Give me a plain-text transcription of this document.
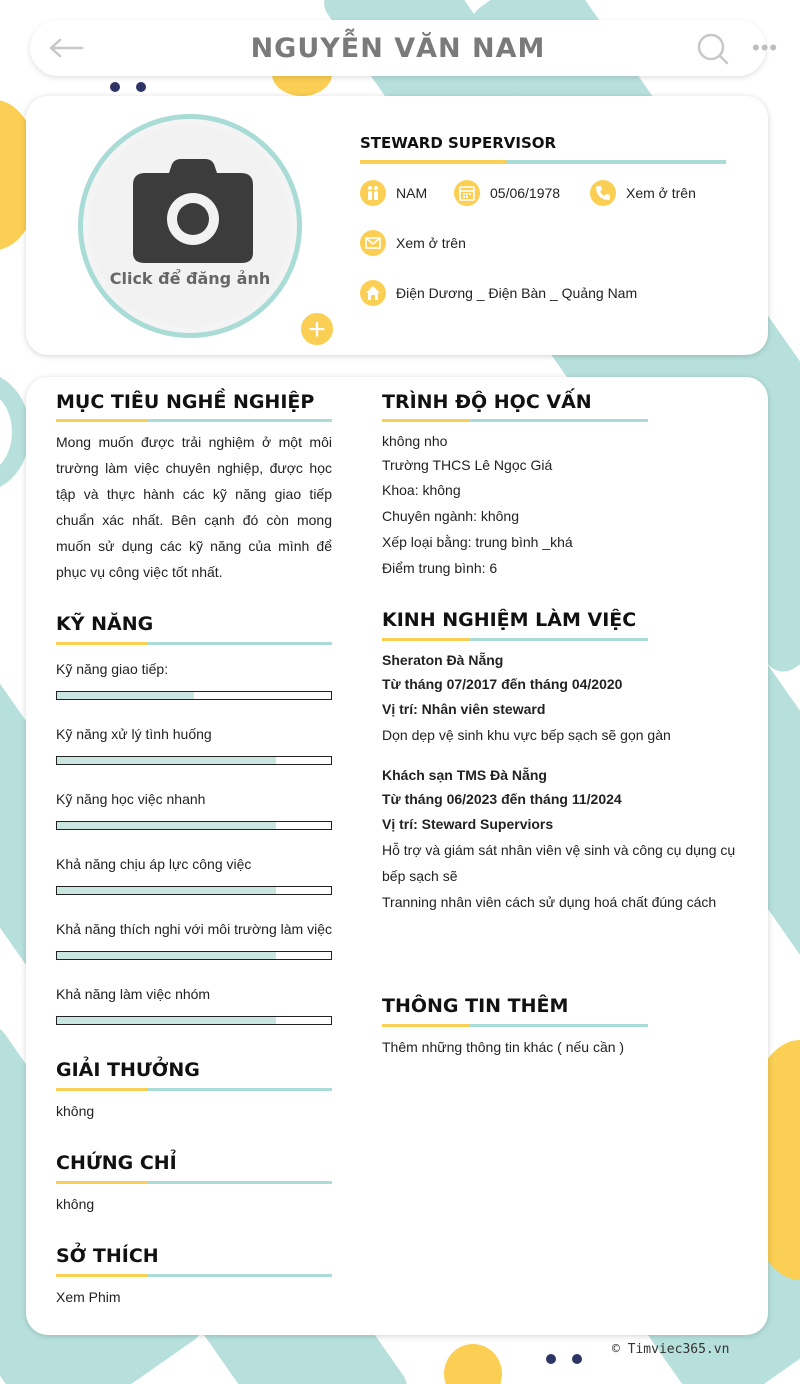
NGUYỄN VĂN NAM	•••
Click để đăng ảnh
+
STEWARD SUPERVISOR
NAM	05/06/1978	Xem ở trên
Xem ở trên
Điện Dương _ Điện Bàn _ Quảng Nam
MỤC TIÊU NGHỀ NGHIỆP
Mong muốn được trải nghiệm ở một môi trường làm việc chuyên nghiệp, được học tập và thực hành các kỹ năng giao tiếp chuẩn xác nhất. Bên cạnh đó còn mong muốn sử dụng các kỹ năng của mình để phục vụ công việc tốt nhất.
KỸ NĂNG
Kỹ năng giao tiếp:
Kỹ năng xử lý tình huống
Kỹ năng học việc nhanh
Khả năng chịu áp lực công việc
Khả năng thích nghi với môi trường làm việc
Khả năng làm việc nhóm
GIẢI THƯỞNG
không
CHỨNG CHỈ
không
SỞ THÍCH
Xem Phim
TRÌNH ĐỘ HỌC VẤN
không nho
Trường THCS Lê Ngọc Giá
Khoa: không
Chuyên ngành: không
Xếp loại bằng: trung bình _khá
Điểm trung bình: 6
KINH NGHIỆM LÀM VIỆC
Sheraton Đà Nẵng
Từ tháng 07/2017 đến tháng 04/2020
Vị trí: Nhân viên steward
Dọn dẹp vệ sinh khu vực bếp sạch sẽ gọn gàn
Khách sạn TMS Đà Nẵng
Từ tháng 06/2023 đến tháng 11/2024
Vị trí: Steward Superviors
Hỗ trợ và giám sát nhân viên vệ sinh và công cụ dụng cụ
bếp sạch sẽ
Tranning nhân viên cách sử dụng hoá chất đúng cách
THÔNG TIN THÊM
Thêm những thông tin khác ( nếu cần )
© Timviec365.vn
